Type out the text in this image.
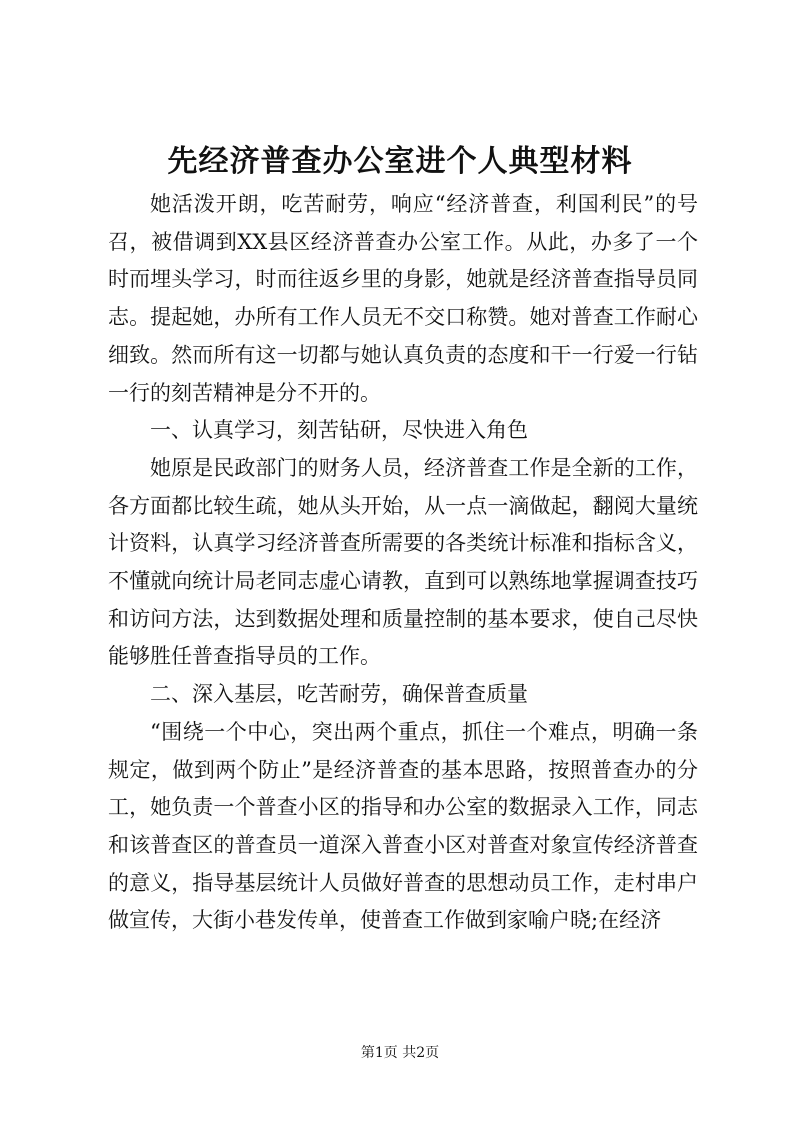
先经济普查办公室进个人典型材料

她活泼开朗，吃苦耐劳，响应“经济普查，利国利民”的号召，被借调到XX县区经济普查办公室工作。从此，办多了一个时而埋头学习，时而往返乡里的身影，她就是经济普查指导员同志。提起她，办所有工作人员无不交口称赞。她对普查工作耐心细致。然而所有这一切都与她认真负责的态度和干一行爱一行钻一行的刻苦精神是分不开的。

一、认真学习，刻苦钻研，尽快进入角色

她原是民政部门的财务人员，经济普查工作是全新的工作，各方面都比较生疏，她从头开始，从一点一滴做起，翻阅大量统计资料，认真学习经济普查所需要的各类统计标准和指标含义，不懂就向统计局老同志虚心请教，直到可以熟练地掌握调查技巧和访问方法，达到数据处理和质量控制的基本要求，使自己尽快能够胜任普查指导员的工作。

二、深入基层，吃苦耐劳，确保普查质量

“围绕一个中心，突出两个重点，抓住一个难点，明确一条规定，做到两个防止”是经济普查的基本思路，按照普查办的分工，她负责一个普查小区的指导和办公室的数据录入工作，同志和该普查区的普查员一道深入普查小区对普查对象宣传经济普查的意义，指导基层统计人员做好普查的思想动员工作，走村串户做宣传，大街小巷发传单，使普查工作做到家喻户晓;在经济

第1页 共2页
